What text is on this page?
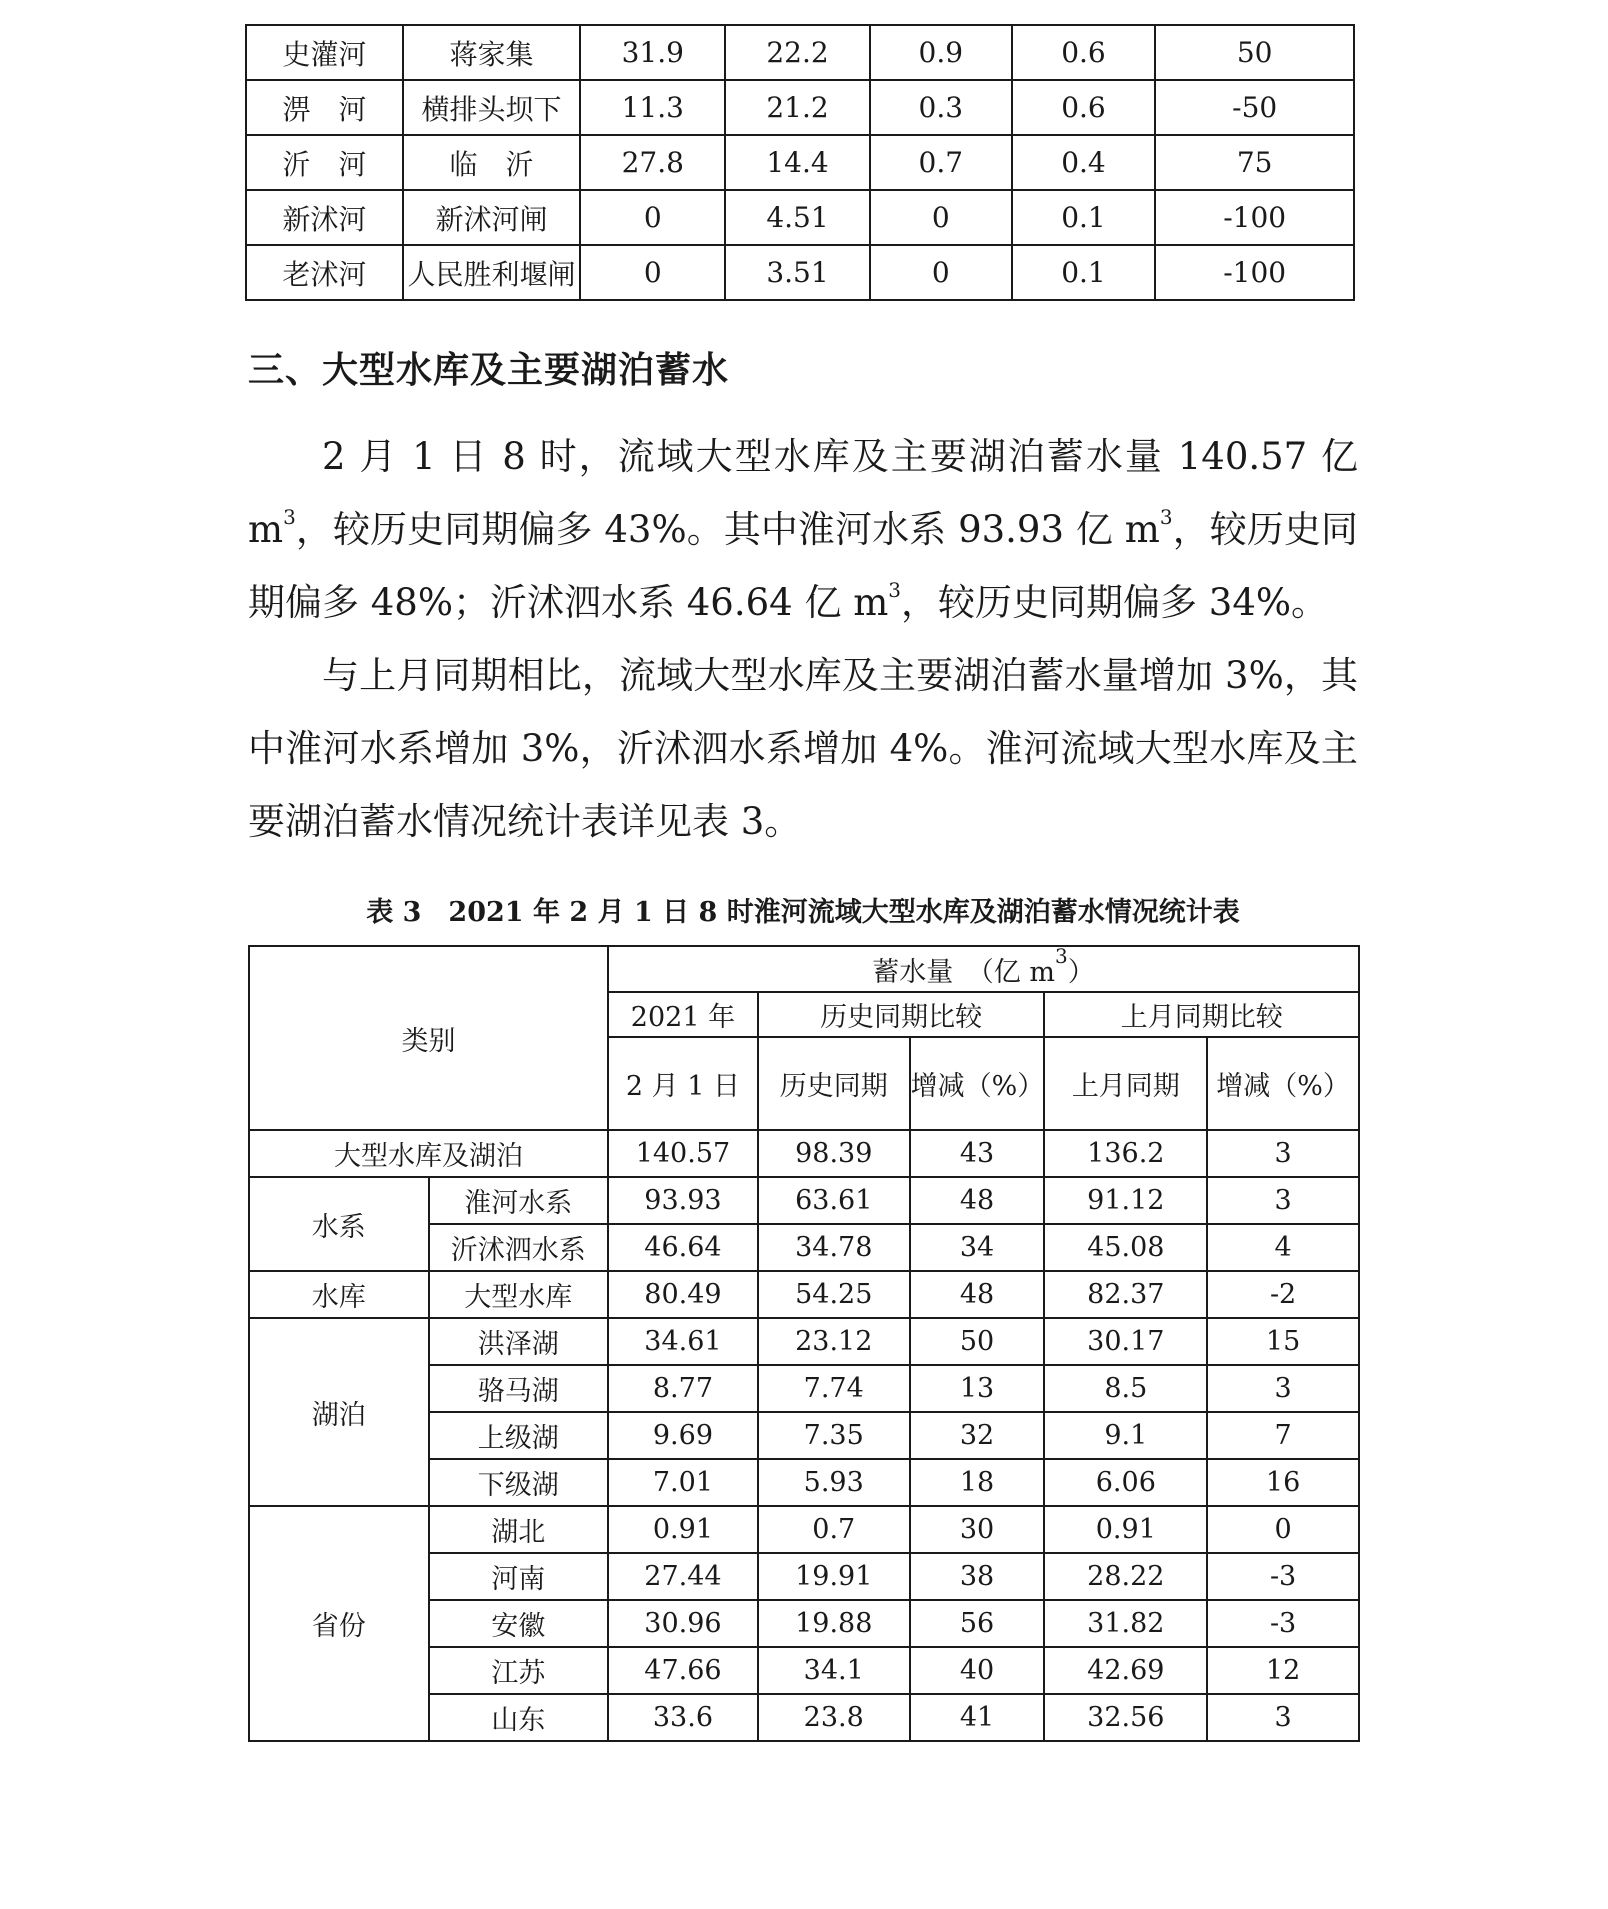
史灌河	蒋家集	31.9	22.2	0.9	0.6	50
淠　河	横排头坝下	11.3	21.2	0.3	0.6	-50
沂　河	临　沂	27.8	14.4	0.7	0.4	75
新沭河	新沭河闸	0	4.51	0	0.1	-100
老沭河	人民胜利堰闸	0	3.51	0	0.1	-100
三、大型水库及主要湖泊蓄水

2 月 1 日 8 时，流域大型水库及主要湖泊蓄水量 140.57 亿 $m^3$，较历史同期偏多 43%。其中淮河水系 93.93 亿 $m^3$，较历史同期偏多 48%；沂沭泗水系 46.64 亿 $m^3$，较历史同期偏多 34%。

与上月同期相比，流域大型水库及主要湖泊蓄水量增加 3%，其中淮河水系增加 3%，沂沭泗水系增加 4%。淮河流域大型水库及主要湖泊蓄水情况统计表详见表 3。

表 3　2021 年 2 月 1 日 8 时淮河流域大型水库及湖泊蓄水情况统计表

类别		蓄水量　（亿 $m^3$）				
		2021 年	历史同期比较		上月同期比较	
		2 月 1 日	历史同期	增减（%）	上月同期	增减（%）
大型水库及湖泊		140.57	98.39	43	136.2	3
水系	淮河水系	93.93	63.61	48	91.12	3
	沂沭泗水系	46.64	34.78	34	45.08	4
水库	大型水库	80.49	54.25	48	82.37	-2
湖泊	洪泽湖	34.61	23.12	50	30.17	15
	骆马湖	8.77	7.74	13	8.5	3
	上级湖	9.69	7.35	32	9.1	7
	下级湖	7.01	5.93	18	6.06	16
省份	湖北	0.91	0.7	30	0.91	0
	河南	27.44	19.91	38	28.22	-3
	安徽	30.96	19.88	56	31.82	-3
	江苏	47.66	34.1	40	42.69	12
	山东	33.6	23.8	41	32.56	3
